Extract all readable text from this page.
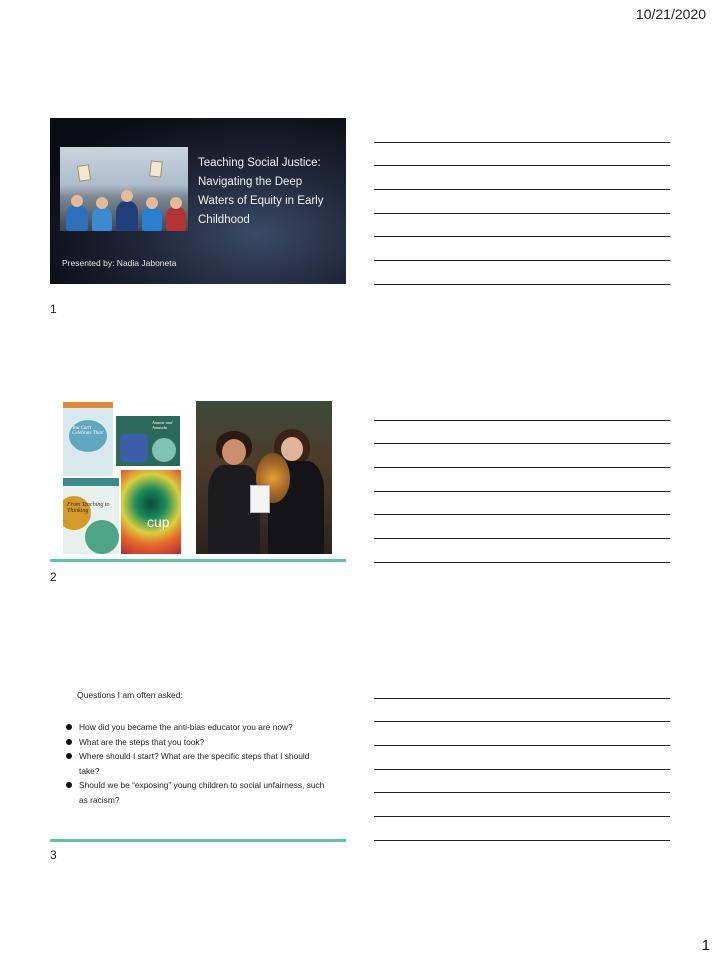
10/21/2020
Teaching Social Justice:
Navigating the Deep
Waters of Equity in Early
Childhood
Presented by: Nadia Jaboneta
1
You Can't Celebrate That!
Anansi and Amanda
From Teaching to Thinking
cup
2
Questions I am often asked:
How did you became the anti-bias educator you are now?
What are the steps that you took?
Where should I start? What are the specific steps that I should take?
Should we be “exposing” young children to social unfairness, such as racism?
3
1
